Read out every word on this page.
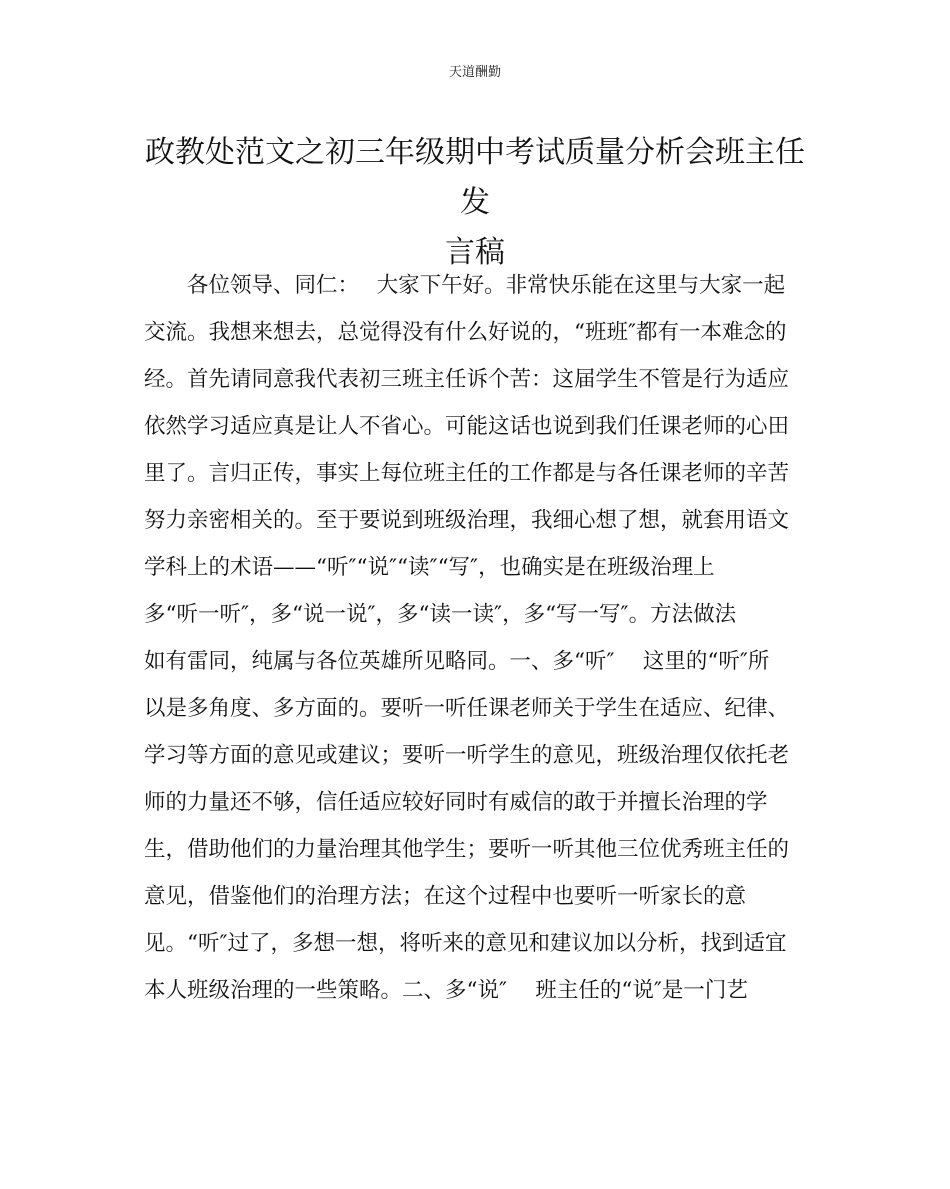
天道酬勤
政教处范文之初三年级期中考试质量分析会班主任发
言稿
　　各位领导、同仁：　 大家下午好。非常快乐能在这里与大家一起
交流。我想来想去，总觉得没有什么好说的，“班班″都有一本难念的
经。首先请同意我代表初三班主任诉个苦：这届学生不管是行为适应
依然学习适应真是让人不省心。可能这话也说到我们任课老师的心田
里了。言归正传，事实上每位班主任的工作都是与各任课老师的辛苦
努力亲密相关的。至于要说到班级治理，我细心想了想，就套用语文
学科上的术语——“听″“说″“读″“写″，也确实是在班级治理上
多“听一听″，多“说一说″，多“读一读″，多“写一写″。方法做法
如有雷同，纯属与各位英雄所见略同。一、多“听″　 这里的“听″所
以是多角度、多方面的。要听一听任课老师关于学生在适应、纪律、
学习等方面的意见或建议；要听一听学生的意见，班级治理仅依托老
师的力量还不够，信任适应较好同时有威信的敢于并擅长治理的学
生，借助他们的力量治理其他学生；要听一听其他三位优秀班主任的
意见，借鉴他们的治理方法；在这个过程中也要听一听家长的意
见。“听″过了，多想一想，将听来的意见和建议加以分析，找到适宜
本人班级治理的一些策略。二、多“说″　 班主任的“说″是一门艺
